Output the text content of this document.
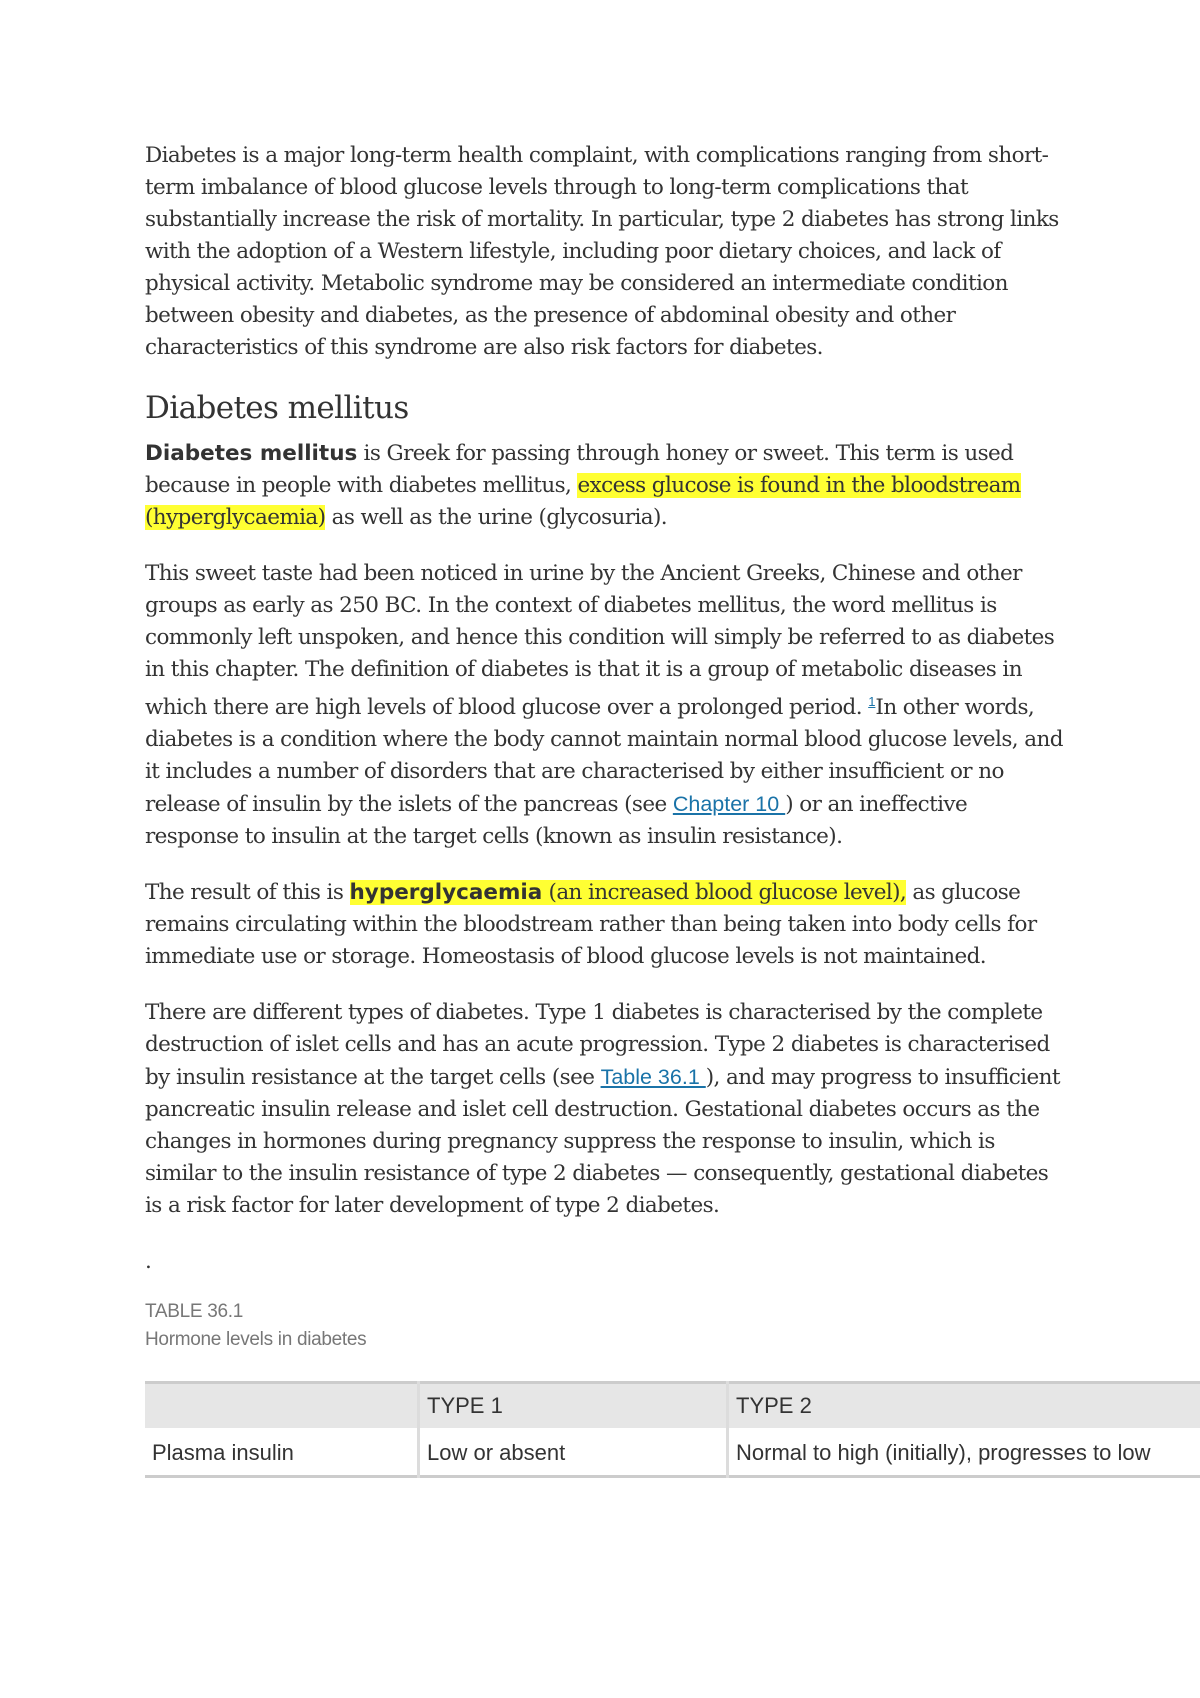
Diabetes is a major long-term health complaint, with complications ranging from short-term imbalance of blood glucose levels through to long-term complications that substantially increase the risk of mortality. In particular, type 2 diabetes has strong links with the adoption of a Western lifestyle, including poor dietary choices, and lack of physical activity. Metabolic syndrome may be considered an intermediate condition between obesity and diabetes, as the presence of abdominal obesity and other characteristics of this syndrome are also risk factors for diabetes.

Diabetes mellitus

Diabetes mellitus is Greek for passing through honey or sweet. This term is used because in people with diabetes mellitus, excess glucose is found in the bloodstream (hyperglycaemia) as well as the urine (glycosuria).

This sweet taste had been noticed in urine by the Ancient Greeks, Chinese and other groups as early as 250 BC. In the context of diabetes mellitus, the word mellitus is commonly left unspoken, and hence this condition will simply be referred to as diabetes in this chapter. The definition of diabetes is that it is a group of metabolic diseases in which there are high levels of blood glucose over a prolonged period. $^1$In other words, diabetes is a condition where the body cannot maintain normal blood glucose levels, and it includes a number of disorders that are characterised by either insufficient or no release of insulin by the islets of the pancreas (see Chapter 10 ) or an ineffective response to insulin at the target cells (known as insulin resistance).

The result of this is hyperglycaemia (an increased blood glucose level), as glucose remains circulating within the bloodstream rather than being taken into body cells for immediate use or storage. Homeostasis of blood glucose levels is not maintained.

There are different types of diabetes. Type 1 diabetes is characterised by the complete destruction of islet cells and has an acute progression. Type 2 diabetes is characterised by insulin resistance at the target cells (see Table 36.1 ), and may progress to insufficient pancreatic insulin release and islet cell destruction. Gestational diabetes occurs as the changes in hormones during pregnancy suppress the response to insulin, which is similar to the insulin resistance of type 2 diabetes — consequently, gestational diabetes is a risk factor for later development of type 2 diabetes.

.
TABLE 36.1
Hormone levels in diabetes
	TYPE 1	TYPE 2
Plasma insulin	Low or absent	Normal to high (initially), progresses to low
